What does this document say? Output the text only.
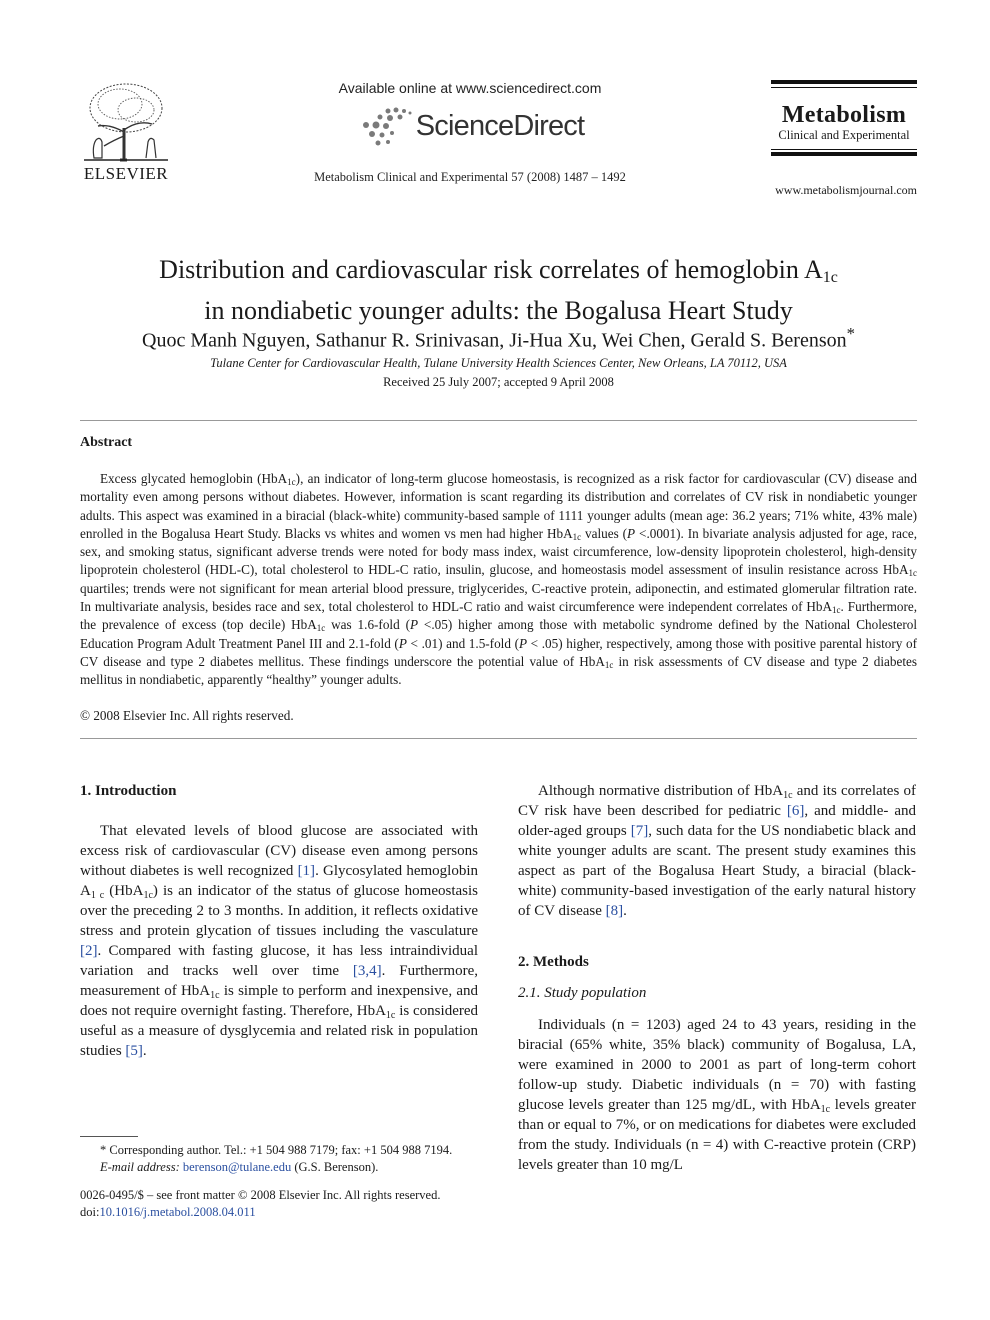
ELSEVIER
Available online at www.sciencedirect.com
ScienceDirect
Metabolism Clinical and Experimental 57 (2008) 1487 – 1492
Metabolism
Clinical and Experimental
www.metabolismjournal.com
Distribution and cardiovascular risk correlates of hemoglobin $A_{1c}$
in nondiabetic younger adults: the Bogalusa Heart Study
Quoc Manh Nguyen, Sathanur R. Srinivasan, Ji-Hua Xu, Wei Chen, Gerald S. Berenson*
Tulane Center for Cardiovascular Health, Tulane University Health Sciences Center, New Orleans, LA 70112, USA
Received 25 July 2007; accepted 9 April 2008
Abstract
Excess glycated hemoglobin (HbA$_{1c}$), an indicator of long-term glucose homeostasis, is recognized as a risk factor for cardiovascular (CV) disease and mortality even among persons without diabetes. However, information is scant regarding its distribution and correlates of CV risk in nondiabetic younger adults. This aspect was examined in a biracial (black-white) community-based sample of 1111 younger adults (mean age: 36.2 years; 71% white, 43% male) enrolled in the Bogalusa Heart Study. Blacks vs whites and women vs men had higher HbA$_{1c}$ values (P <.0001). In bivariate analysis adjusted for age, race, sex, and smoking status, significant adverse trends were noted for body mass index, waist circumference, low-density lipoprotein cholesterol, high-density lipoprotein cholesterol (HDL-C), total cholesterol to HDL-C ratio, insulin, glucose, and homeostasis model assessment of insulin resistance across HbA$_{1c}$ quartiles; trends were not significant for mean arterial blood pressure, triglycerides, C-reactive protein, adiponectin, and estimated glomerular filtration rate. In multivariate analysis, besides race and sex, total cholesterol to HDL-C ratio and waist circumference were independent correlates of HbA$_{1c}$. Furthermore, the prevalence of excess (top decile) HbA$_{1c}$ was 1.6-fold (P <.05) higher among those with metabolic syndrome defined by the National Cholesterol Education Program Adult Treatment Panel III and 2.1-fold (P < .01) and 1.5-fold (P < .05) higher, respectively, among those with positive parental history of CV disease and type 2 diabetes mellitus. These findings underscore the potential value of HbA$_{1c}$ in risk assessments of CV disease and type 2 diabetes mellitus in nondiabetic, apparently “healthy” younger adults.
© 2008 Elsevier Inc. All rights reserved.
1. Introduction

That elevated levels of blood glucose are associated with excess risk of cardiovascular (CV) disease even among persons without diabetes is well recognized [1]. Glycosylated hemoglobin $A_{1 c}$ (HbA$_{1c}$) is an indicator of the status of glucose homeostasis over the preceding 2 to 3 months. In addition, it reflects oxidative stress and protein glycation of tissues including the vasculature [2]. Compared with fasting glucose, it has less intraindividual variation and tracks well over time [3,4]. Furthermore, measurement of HbA$_{1c}$ is simple to perform and inexpensive, and does not require overnight fasting. Therefore, HbA$_{1c}$ is considered useful as a measure of dysglycemia and related risk in population studies [5].

Although normative distribution of HbA$_{1c}$ and its correlates of CV risk have been described for pediatric [6], and middle- and older-aged groups [7], such data for the US nondiabetic black and white younger adults are scant. The present study examines this aspect as part of the Bogalusa Heart Study, a biracial (black-white) community-based investigation of the early natural history of CV disease [8].

2. Methods
2.1. Study population

Individuals (n = 1203) aged 24 to 43 years, residing in the biracial (65% white, 35% black) community of Bogalusa, LA, were examined in 2000 to 2001 as part of long-term cohort follow-up study. Diabetic individuals (n = 70) with fasting glucose levels greater than 125 mg/dL, with HbA$_{1c}$ levels greater than or equal to 7%, or on medications for diabetes were excluded from the study. Individuals (n = 4) with C-reactive protein (CRP) levels greater than 10 mg/L

* Corresponding author. Tel.: +1 504 988 7179; fax: +1 504 988 7194.
E-mail address: berenson@tulane.edu (G.S. Berenson).
0026-0495/$ – see front matter © 2008 Elsevier Inc. All rights reserved.
doi:10.1016/j.metabol.2008.04.011
